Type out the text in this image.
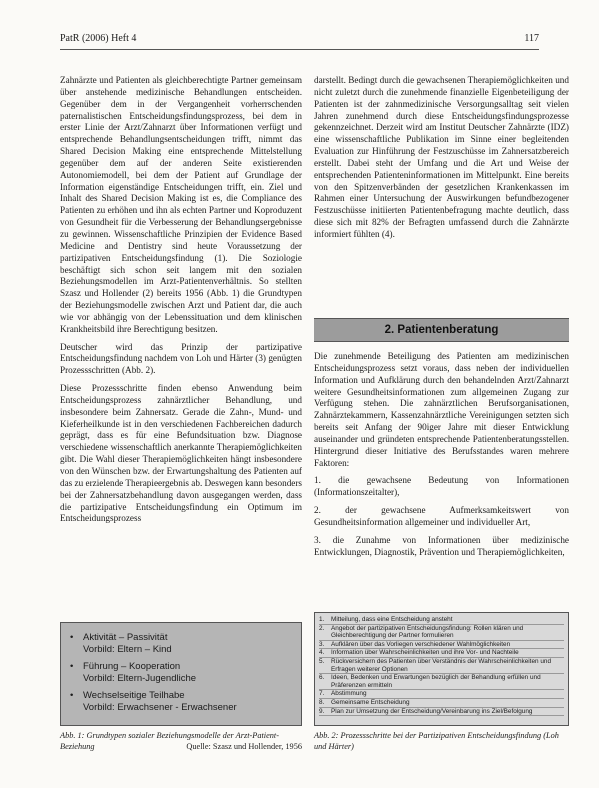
PatR (2006) Heft 4	117

Zahnärzte und Patienten als gleichberechtigte Partner gemeinsam über anstehende medizinische Behandlungen entscheiden. Gegenüber dem in der Vergangenheit vorherrschenden paternalistischen Entscheidungsfindungsprozess, bei dem in erster Linie der Arzt/Zahnarzt über Informationen verfügt und entsprechende Behandlungsentscheidungen trifft, nimmt das Shared Decision Making eine entsprechende Mittelstellung gegenüber dem auf der anderen Seite existierenden Autonomiemodell, bei dem der Patient auf Grundlage der Information eigenständige Entscheidungen trifft, ein. Ziel und Inhalt des Shared Decision Making ist es, die Compliance des Patienten zu erhöhen und ihn als echten Partner und Koproduzent von Gesundheit für die Verbesserung der Behandlungsergebnisse zu gewinnen. Wissenschaftliche Prinzipien der Evidence Based Medicine and Dentistry sind heute Voraussetzung der partizipativen Entscheidungsfindung (1). Die Soziologie beschäftigt sich schon seit langem mit den sozialen Beziehungsmodellen im Arzt-Patientenverhältnis. So stellten Szasz und Hollender (2) bereits 1956 (Abb. 1) die Grundtypen der Beziehungsmodelle zwischen Arzt und Patient dar, die auch wie vor abhängig von der Lebenssituation und dem klinischen Krankheitsbild ihre Berechtigung besitzen.

Deutscher wird das Prinzip der partizipative Entscheidungsfindung nachdem von Loh und Härter (3) genügten Prozessschritten (Abb. 2).

Diese Prozessschritte finden ebenso Anwendung beim Entscheidungsprozess zahnärztlicher Behandlung, und insbesondere beim Zahnersatz. Gerade die Zahn-, Mund- und Kieferheilkunde ist in den verschiedenen Fachbereichen dadurch geprägt, dass es für eine Befundsituation bzw. Diagnose verschiedene wissenschaftlich anerkannte Therapiemöglichkeiten gibt. Die Wahl dieser Therapiemöglichkeiten hängt insbesondere von den Wünschen bzw. der Erwartungshaltung des Patienten auf das zu erzielende Therapieergebnis ab. Deswegen kann besonders bei der Zahnersatzbehandlung davon ausgegangen werden, dass die partizipative Entscheidungsfindung ein Optimum im Entscheidungsprozess

darstellt. Bedingt durch die gewachsenen Therapiemöglichkeiten und nicht zuletzt durch die zunehmende finanzielle Eigenbeteiligung der Patienten ist der zahnmedizinische Versorgungsalltag seit vielen Jahren zunehmend durch diese Entscheidungsfindungsprozesse gekennzeichnet. Derzeit wird am Institut Deutscher Zahnärzte (IDZ) eine wissenschaftliche Publikation im Sinne einer begleitenden Evaluation zur Hinführung der Festzuschüsse im Zahnersatzbereich erstellt. Dabei steht der Umfang und die Art und Weise der entsprechenden Patienteninformationen im Mittelpunkt. Eine bereits von den Spitzenverbänden der gesetzlichen Krankenkassen im Rahmen einer Untersuchung der Auswirkungen befundbezogener Festzuschüsse initiierten Patientenbefragung machte deutlich, dass diese sich mit 82% der Befragten umfassend durch die Zahnärzte informiert fühlten (4).

2. Patientenberatung

Die zunehmende Beteiligung des Patienten am medizinischen Entscheidungsprozess setzt voraus, dass neben der individuellen Information und Aufklärung durch den behandelnden Arzt/Zahnarzt weitere Gesundheitsinformationen zum allgemeinen Zugang zur Verfügung stehen. Die zahnärztlichen Berufsorganisationen, Zahnärztekammern, Kassenzahnärztliche Vereinigungen setzten sich bereits seit Anfang der 90iger Jahre mit dieser Entwicklung auseinander und gründeten entsprechende Patientenberatungsstellen. Hintergrund dieser Initiative des Berufsstandes waren mehrere Faktoren:

1. die gewachsene Bedeutung von Informationen (Informationszeitalter),

2. der gewachsene Aufmerksamkeitswert von Gesundheitsinformation allgemeiner und individueller Art,

3. die Zunahme von Informationen über medizinische Entwicklungen, Diagnostik, Prävention und Therapiemöglichkeiten,

• Aktivität – Passivität
Vorbild: Eltern – Kind
• Führung – Kooperation
Vorbild: Eltern-Jugendliche
• Wechselseitige Teilhabe
Vorbild: Erwachsener - Erwachsener
Abb. 1: Grundtypen sozialer Beziehungsmodelle der Arzt-Patient-Beziehung	Quelle: Szasz und Hollender, 1956
1. Mitteilung, dass eine Entscheidung ansteht
2. Angebot der partizipativen Entscheidungsfindung: Rollen klären und Gleichberechtigung der Partner formulieren
3. Aufklären über das Vorliegen verschiedener Wahlmöglichkeiten
4. Information über Wahrscheinlichkeiten und ihre Vor- und Nachteile
5. Rückversichern des Patienten über Verständnis der Wahrscheinlichkeiten und Erfragen weiterer Optionen
6. Ideen, Bedenken und Erwartungen bezüglich der Behandlung erfüllen und Präferenzen ermitteln
7. Abstimmung
8. Gemeinsame Entscheidung
9. Plan zur Umsetzung der Entscheidung/Vereinbarung ins Ziel/Befolgung
Abb. 2: Prozessschritte bei der Partizipativen Entscheidungsfindung (Loh und Härter)
